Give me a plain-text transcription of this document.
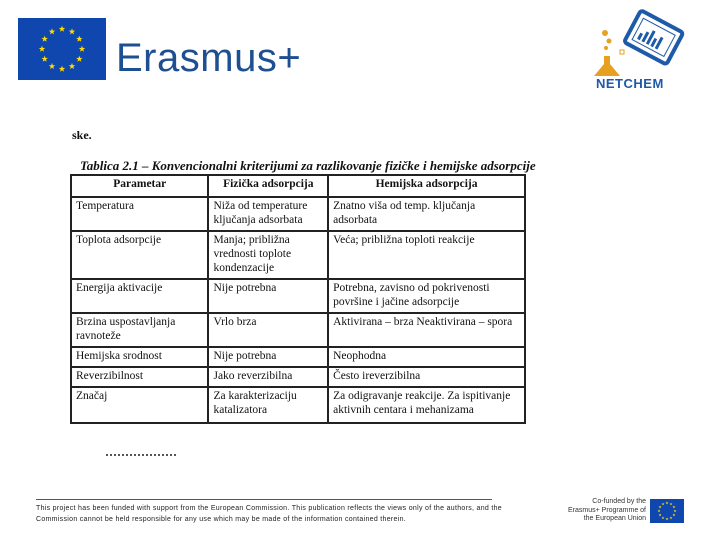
Erasmus+
NETCHEM
ske.
Tablica 2.1 – Konvencionalni kriterijumi za razlikovanje fizičke i hemijske adsorpcije
Parametar	Fizička adsorpcija	Hemijska adsorpcija
Temperatura	Niža od temperature ključanja adsorbata	Znatno viša od temp. ključanja adsorbata
Toplota adsorpcije	Manja; približna vrednosti toplote kondenzacije	Veća; približna toploti reakcije
Energija aktivacije	Nije potrebna	Potrebna, zavisno od pokrivenosti površine i jačine adsorpcije
Brzina uspostavljanja ravnoteže	Vrlo brza	Aktivirana – brza Neaktivirana – spora
Hemijska srodnost	Nije potrebna	Neophodna
Reverzibilnost	Jako reverzibilna	Često ireverzibilna
Značaj	Za karakterizaciju katalizatora	Za odigravanje reakcije. Za ispitivanje aktivnih centara i mehanizama
This project has been funded with support from the European Commission. This publication reflects the views only of the authors, and the Commission cannot be held responsible for any use which may be made of the information contained therein.
Co-funded by the Erasmus+ Programme of the European Union
